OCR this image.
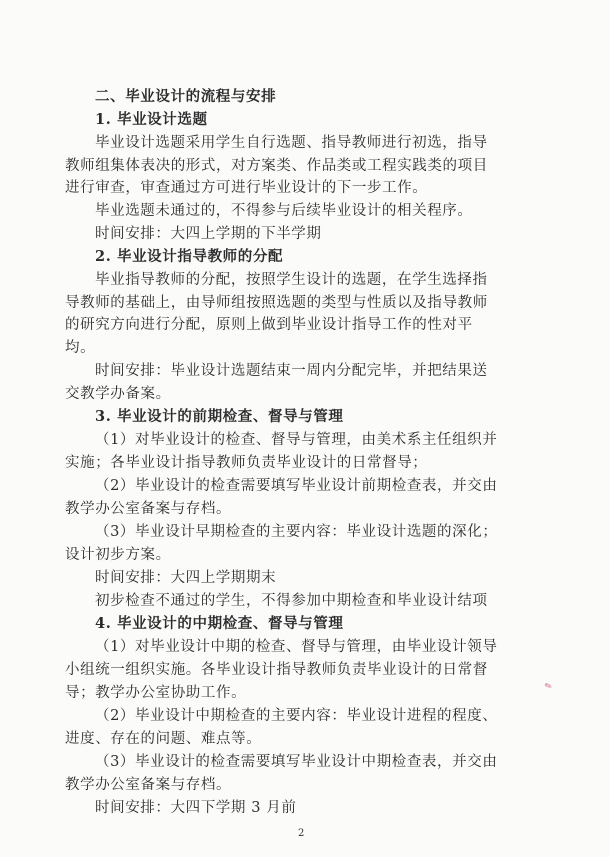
二、毕业设计的流程与安排
1. 毕业设计选题
毕业设计选题采用学生自行选题、指导教师进行初选，指导
教师组集体表决的形式，对方案类、作品类或工程实践类的项目
进行审查，审查通过方可进行毕业设计的下一步工作。
毕业选题未通过的，不得参与后续毕业设计的相关程序。
时间安排：大四上学期的下半学期
2. 毕业设计指导教师的分配
毕业指导教师的分配，按照学生设计的选题，在学生选择指
导教师的基础上，由导师组按照选题的类型与性质以及指导教师
的研究方向进行分配，原则上做到毕业设计指导工作的性对平
均。
时间安排：毕业设计选题结束一周内分配完毕，并把结果送
交教学办备案。
3. 毕业设计的前期检查、督导与管理
（1）对毕业设计的检查、督导与管理，由美术系主任组织并
实施；各毕业设计指导教师负责毕业设计的日常督导；
（2）毕业设计的检查需要填写毕业设计前期检查表，并交由
教学办公室备案与存档。
（3）毕业设计早期检查的主要内容：毕业设计选题的深化；
设计初步方案。
时间安排：大四上学期期末
初步检查不通过的学生，不得参加中期检查和毕业设计结项
4. 毕业设计的中期检查、督导与管理
（1）对毕业设计中期的检查、督导与管理，由毕业设计领导
小组统一组织实施。各毕业设计指导教师负责毕业设计的日常督
导；教学办公室协助工作。
（2）毕业设计中期检查的主要内容：毕业设计进程的程度、
进度、存在的问题、难点等。
（3）毕业设计的检查需要填写毕业设计中期检查表，并交由
教学办公室备案与存档。
时间安排：大四下学期 3 月前
✎
2
